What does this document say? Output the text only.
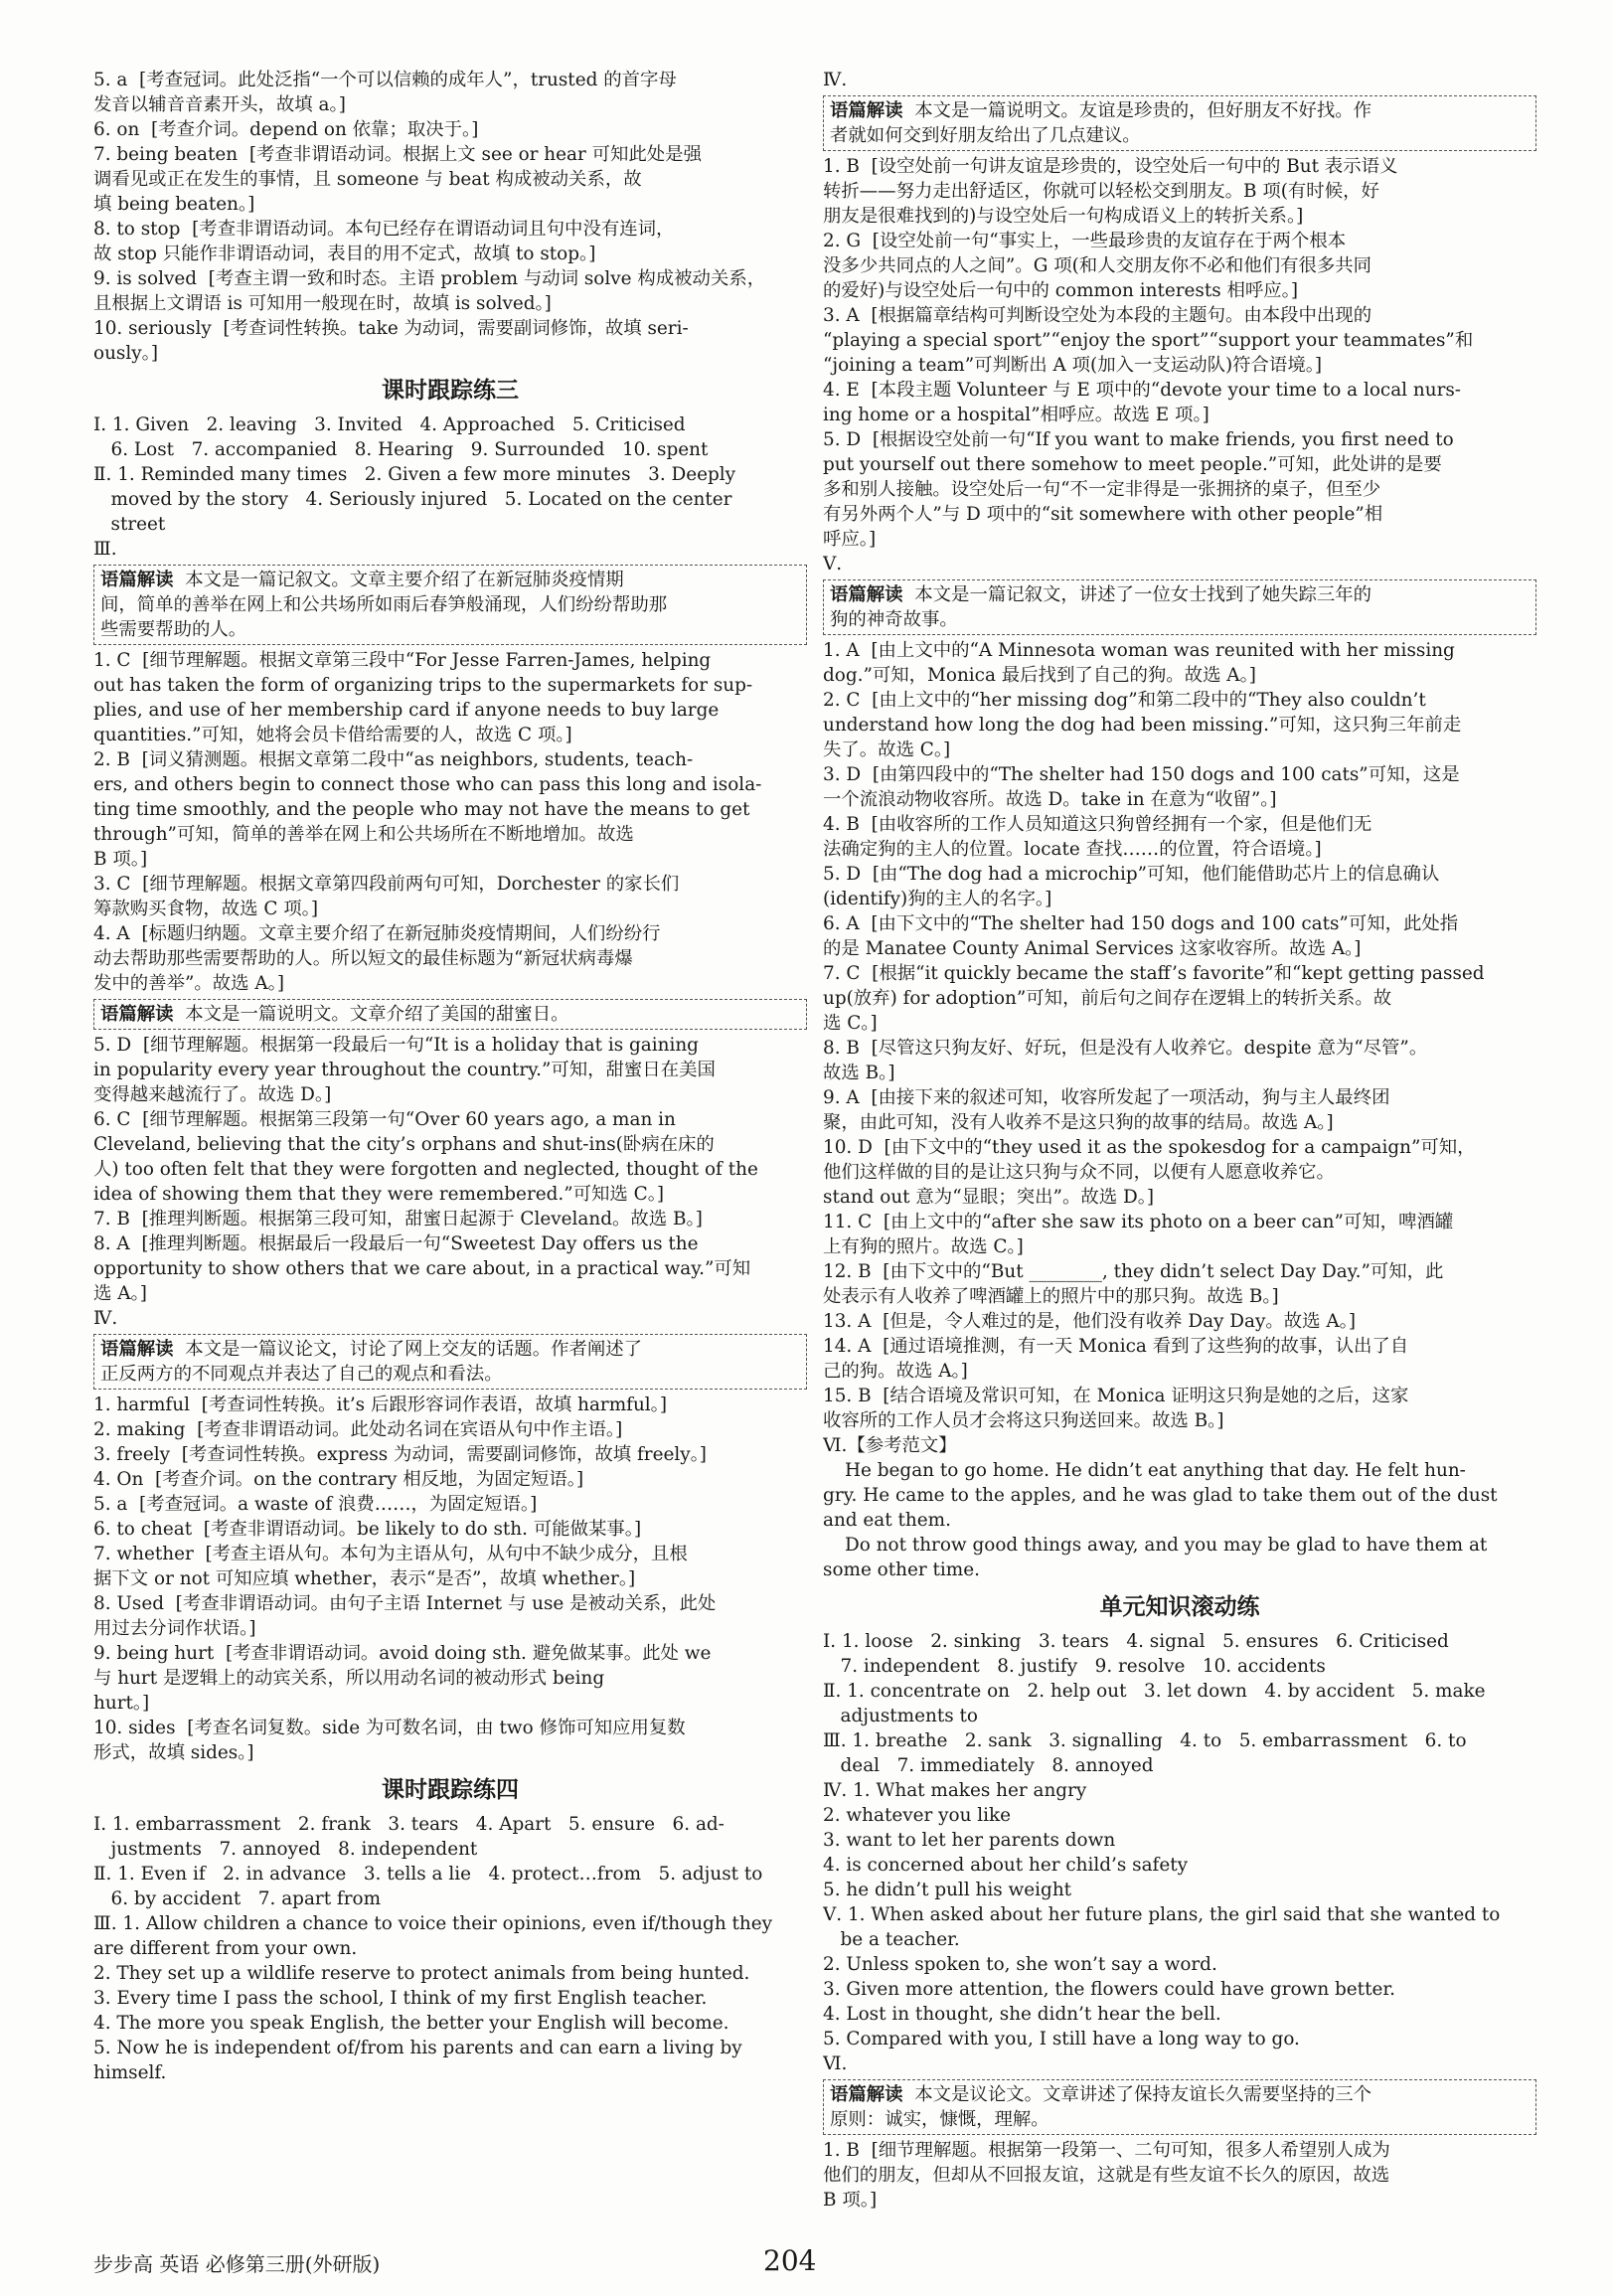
5. a  [考查冠词。此处泛指“一个可以信赖的成年人”，trusted 的首字母
发音以辅音音素开头，故填 a。]
6. on  [考查介词。depend on 依靠；取决于。]
7. being beaten  [考查非谓语动词。根据上文 see or hear 可知此处是强
调看见或正在发生的事情，且 someone 与 beat 构成被动关系，故
填 being beaten。]
8. to stop  [考查非谓语动词。本句已经存在谓语动词且句中没有连词，
故 stop 只能作非谓语动词，表目的用不定式，故填 to stop。]
9. is solved  [考查主谓一致和时态。主语 problem 与动词 solve 构成被动关系，
且根据上文谓语 is 可知用一般现在时，故填 is solved。]
10. seriously  [考查词性转换。take 为动词，需要副词修饰，故填 seri-
ously。]
课时跟踪练三
Ⅰ. 1. Given   2. leaving   3. Invited   4. Approached   5. Criticised
6. Lost   7. accompanied   8. Hearing   9. Surrounded   10. spent
Ⅱ. 1. Reminded many times   2. Given a few more minutes   3. Deeply
moved by the story   4. Seriously injured   5. Located on the center
street
Ⅲ.
语篇解读  本文是一篇记叙文。文章主要介绍了在新冠肺炎疫情期
间，简单的善举在网上和公共场所如雨后春笋般涌现，人们纷纷帮助那
些需要帮助的人。
1. C  [细节理解题。根据文章第三段中“For Jesse Farren-James, helping
out has taken the form of organizing trips to the supermarkets for sup-
plies, and use of her membership card if anyone needs to buy large
quantities.”可知，她将会员卡借给需要的人，故选 C 项。]
2. B  [词义猜测题。根据文章第二段中“as neighbors, students, teach-
ers, and others begin to connect those who can pass this long and isola-
ting time smoothly, and the people who may not have the means to get
through”可知，简单的善举在网上和公共场所在不断地增加。故选
B 项。]
3. C  [细节理解题。根据文章第四段前两句可知，Dorchester 的家长们
筹款购买食物，故选 C 项。]
4. A  [标题归纳题。文章主要介绍了在新冠肺炎疫情期间，人们纷纷行
动去帮助那些需要帮助的人。所以短文的最佳标题为“新冠状病毒爆
发中的善举”。故选 A。]
语篇解读  本文是一篇说明文。文章介绍了美国的甜蜜日。
5. D  [细节理解题。根据第一段最后一句“It is a holiday that is gaining
in popularity every year throughout the country.”可知，甜蜜日在美国
变得越来越流行了。故选 D。]
6. C  [细节理解题。根据第三段第一句“Over 60 years ago, a man in
Cleveland, believing that the city’s orphans and shut-ins(卧病在床的
人) too often felt that they were forgotten and neglected, thought of the
idea of showing them that they were remembered.”可知选 C。]
7. B  [推理判断题。根据第三段可知，甜蜜日起源于 Cleveland。故选 B。]
8. A  [推理判断题。根据最后一段最后一句“Sweetest Day offers us the
opportunity to show others that we care about, in a practical way.”可知
选 A。]
Ⅳ.
语篇解读  本文是一篇议论文，讨论了网上交友的话题。作者阐述了
正反两方的不同观点并表达了自己的观点和看法。
1. harmful  [考查词性转换。it’s 后跟形容词作表语，故填 harmful。]
2. making  [考查非谓语动词。此处动名词在宾语从句中作主语。]
3. freely  [考查词性转换。express 为动词，需要副词修饰，故填 freely。]
4. On  [考查介词。on the contrary 相反地，为固定短语。]
5. a  [考查冠词。a waste of 浪费……，为固定短语。]
6. to cheat  [考查非谓语动词。be likely to do sth. 可能做某事。]
7. whether  [考查主语从句。本句为主语从句，从句中不缺少成分，且根
据下文 or not 可知应填 whether，表示“是否”，故填 whether。]
8. Used  [考查非谓语动词。由句子主语 Internet 与 use 是被动关系，此处
用过去分词作状语。]
9. being hurt  [考查非谓语动词。avoid doing sth. 避免做某事。此处 we
与 hurt 是逻辑上的动宾关系，所以用动名词的被动形式 being
hurt。]
10. sides  [考查名词复数。side 为可数名词，由 two 修饰可知应用复数
形式，故填 sides。]
课时跟踪练四
Ⅰ. 1. embarrassment   2. frank   3. tears   4. Apart   5. ensure   6. ad-
justments   7. annoyed   8. independent
Ⅱ. 1. Even if   2. in advance   3. tells a lie   4. protect…from   5. adjust to
6. by accident   7. apart from
Ⅲ. 1. Allow children a chance to voice their opinions, even if/though they
are different from your own.
2. They set up a wildlife reserve to protect animals from being hunted.
3. Every time I pass the school, I think of my first English teacher.
4. The more you speak English, the better your English will become.
5. Now he is independent of/from his parents and can earn a living by
himself.
Ⅳ.
语篇解读  本文是一篇说明文。友谊是珍贵的，但好朋友不好找。作
者就如何交到好朋友给出了几点建议。
1. B  [设空处前一句讲友谊是珍贵的，设空处后一句中的 But 表示语义
转折——努力走出舒适区，你就可以轻松交到朋友。B 项(有时候，好
朋友是很难找到的)与设空处后一句构成语义上的转折关系。]
2. G  [设空处前一句“事实上，一些最珍贵的友谊存在于两个根本
没多少共同点的人之间”。G 项(和人交朋友你不必和他们有很多共同
的爱好)与设空处后一句中的 common interests 相呼应。]
3. A  [根据篇章结构可判断设空处为本段的主题句。由本段中出现的
“playing a special sport”“enjoy the sport”“support your teammates”和
“joining a team”可判断出 A 项(加入一支运动队)符合语境。]
4. E  [本段主题 Volunteer 与 E 项中的“devote your time to a local nurs-
ing home or a hospital”相呼应。故选 E 项。]
5. D  [根据设空处前一句“If you want to make friends, you first need to
put yourself out there somehow to meet people.”可知，此处讲的是要
多和别人接触。设空处后一句“不一定非得是一张拥挤的桌子，但至少
有另外两个人”与 D 项中的“sit somewhere with other people”相
呼应。]
Ⅴ.
语篇解读  本文是一篇记叙文，讲述了一位女士找到了她失踪三年的
狗的神奇故事。
1. A  [由上文中的“A Minnesota woman was reunited with her missing
dog.”可知，Monica 最后找到了自己的狗。故选 A。]
2. C  [由上文中的“her missing dog”和第二段中的“They also couldn’t
understand how long the dog had been missing.”可知，这只狗三年前走
失了。故选 C。]
3. D  [由第四段中的“The shelter had 150 dogs and 100 cats”可知，这是
一个流浪动物收容所。故选 D。take in 在意为“收留”。]
4. B  [由收容所的工作人员知道这只狗曾经拥有一个家，但是他们无
法确定狗的主人的位置。locate 查找……的位置，符合语境。]
5. D  [由“The dog had a microchip”可知，他们能借助芯片上的信息确认
(identify)狗的主人的名字。]
6. A  [由下文中的“The shelter had 150 dogs and 100 cats”可知，此处指
的是 Manatee County Animal Services 这家收容所。故选 A。]
7. C  [根据“it quickly became the staff’s favorite”和“kept getting passed
up(放弃) for adoption”可知，前后句之间存在逻辑上的转折关系。故
选 C。]
8. B  [尽管这只狗友好、好玩，但是没有人收养它。despite 意为“尽管”。
故选 B。]
9. A  [由接下来的叙述可知，收容所发起了一项活动，狗与主人最终团
聚，由此可知，没有人收养不是这只狗的故事的结局。故选 A。]
10. D  [由下文中的“they used it as the spokesdog for a campaign”可知，
他们这样做的目的是让这只狗与众不同，以便有人愿意收养它。
stand out 意为“显眼；突出”。故选 D。]
11. C  [由上文中的“after she saw its photo on a beer can”可知，啤酒罐
上有狗的照片。故选 C。]
12. B  [由下文中的“But ________, they didn’t select Day Day.”可知，此
处表示有人收养了啤酒罐上的照片中的那只狗。故选 B。]
13. A  [但是，令人难过的是，他们没有收养 Day Day。故选 A。]
14. A  [通过语境推测，有一天 Monica 看到了这些狗的故事，认出了自
己的狗。故选 A。]
15. B  [结合语境及常识可知，在 Monica 证明这只狗是她的之后，这家
收容所的工作人员才会将这只狗送回来。故选 B。]
Ⅵ.【参考范文】
He began to go home. He didn’t eat anything that day. He felt hun-
gry. He came to the apples, and he was glad to take them out of the dust
and eat them.
Do not throw good things away, and you may be glad to have them at
some other time.
单元知识滚动练
Ⅰ. 1. loose   2. sinking   3. tears   4. signal   5. ensures   6. Criticised
7. independent   8. justify   9. resolve   10. accidents
Ⅱ. 1. concentrate on   2. help out   3. let down   4. by accident   5. make
adjustments to
Ⅲ. 1. breathe   2. sank   3. signalling   4. to   5. embarrassment   6. to
deal   7. immediately   8. annoyed
Ⅳ. 1. What makes her angry
2. whatever you like
3. want to let her parents down
4. is concerned about her child’s safety
5. he didn’t pull his weight
Ⅴ. 1. When asked about her future plans, the girl said that she wanted to
be a teacher.
2. Unless spoken to, she won’t say a word.
3. Given more attention, the flowers could have grown better.
4. Lost in thought, she didn’t hear the bell.
5. Compared with you, I still have a long way to go.
Ⅵ.
语篇解读  本文是议论文。文章讲述了保持友谊长久需要坚持的三个
原则：诚实，慷慨，理解。
1. B  [细节理解题。根据第一段第一、二句可知，很多人希望别人成为
他们的朋友，但却从不回报友谊，这就是有些友谊不长久的原因，故选
B 项。]
步步高 英语 必修第三册(外研版)	204
